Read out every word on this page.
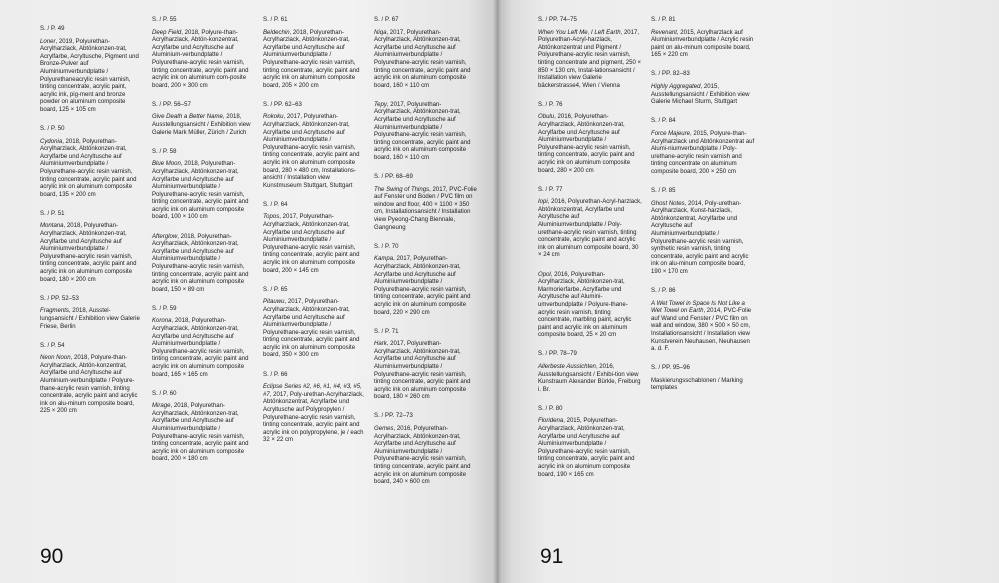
S. / P. 49
Loner, 2019, Polyurethan-Acrylharzlack, Abtönkonzen-trat, Acrylfarbe, Acryltusche, Pigment und Bronze-Pulver auf Aluminiumverbundplatte / Polyurethaneacrylic resin varnish, tinting concentrate, acrylic paint, acrylic ink, pig-ment and bronze powder on aluminum composite board, 125 × 105 cm
S. / P. 50
Cydonia, 2018, Polyurethan-Acrylharzlack, Abtönkonzen-trat, Acrylfarbe und Acryltusche auf Aluminiumverbundplatte / Polyurethane-acrylic resin varnish, tinting concentrate, acrylic paint and acrylic ink on aluminum composite board, 135 × 200 cm
S. / P. 51
Montana, 2018, Polyurethan-Acrylharzlack, Abtönkonzen-trat, Acrylfarbe und Acryltusche auf Aluminiumverbundplatte / Polyurethane-acrylic resin varnish, tinting concentrate, acrylic paint and acrylic ink on aluminum composite board, 180 × 200 cm
S. / PP. 52–53
Fragments, 2018, Ausstel-lungsansicht / Exhibition view Galerie Friese, Berlin
S. / P. 54
Neon Noon, 2018, Polyure-than-Acrylharzlack, Abtön-konzentrat, Acrylfarbe und Acryltusche auf Aluminium-verbundplatte / Polyure-thane-acrylic resin varnish, tinting concentrate, acrylic paint and acrylic ink on alu-minum composite board, 225 × 200 cm
S. / P. 55
Deep Field, 2018, Polyure-than-Acrylharzlack, Abtön-konzentrat, Acrylfarbe und Acryltusche auf Aluminium-verbundplatte / Polyurethane-acrylic resin varnish, tinting concentrate, acrylic paint and acrylic ink on aluminum com-posite board, 200 × 300 cm
S. / PP. 56–57
Give Death a Better Name, 2018, Ausstellungsansicht / Exhibition view Galerie Mark Müller, Zürich / Zurich
S. / P. 58
Blue Moon, 2018, Polyurethan-Acrylharzlack, Abtönkonzen-trat, Acrylfarbe und Acryltusche auf Aluminiumverbundplatte / Polyurethane-acrylic resin varnish, tinting concentrate, acrylic paint and acrylic ink on aluminum composite board, 100 × 100 cm
Afterglow, 2018, Polyurethan-Acrylharzlack, Abtönkonzen-trat, Acrylfarbe und Acryltusche auf Aluminiumverbundplatte / Polyurethane-acrylic resin varnish, tinting concentrate, acrylic paint and acrylic ink on aluminum composite board, 150 × 89 cm
S. / P. 59
Korona, 2018, Polyurethan-Acrylharzlack, Abtönkonzen-trat, Acrylfarbe und Acryltusche auf Aluminiumverbundplatte / Polyurethane-acrylic resin varnish, tinting concentrate, acrylic paint and acrylic ink on aluminum composite board, 165 × 165 cm
S. / P. 60
Mirage, 2018, Polyurethan-Acrylharzlack, Abtönkonzen-trat, Acrylfarbe und Acryltusche auf Aluminiumverbundplatte / Polyurethane-acrylic resin varnish, tinting concentrate, acrylic paint and acrylic ink on aluminum composite board, 200 × 180 cm
S. / P. 61
Beldechin, 2018, Polyurethan-Acrylharzlack, Abtönkonzen-trat, Acrylfarbe und Acryltusche auf Aluminiumverbundplatte / Polyurethane-acrylic resin varnish, tinting concentrate, acrylic paint and acrylic ink on aluminum composite board, 205 × 200 cm
S. / PP. 62–63
Rokoku, 2017, Polyurethan-Acrylharzlack, Abtönkonzen-trat, Acrylfarbe und Acryltusche auf Aluminiumverbundplatte / Polyurethane-acrylic resin varnish, tinting concentrate, acrylic paint and acrylic ink on aluminum composite board, 280 × 480 cm, Installations-ansicht / Installation view Kunstmuseum Stuttgart, Stuttgart
S. / P. 64
Topos, 2017, Polyurethan-Acrylharzlack, Abtönkonzen-trat, Acrylfarbe und Acryltusche auf Aluminiumverbundplatte / Polyurethane-acrylic resin varnish, tinting concentrate, acrylic paint and acrylic ink on aluminum composite board, 200 × 145 cm
S. / P. 65
Pitauwu, 2017, Polyurethan-Acrylharzlack, Abtönkonzen-trat, Acrylfarbe und Acryltusche auf Aluminiumverbundplatte / Polyurethane-acrylic resin varnish, tinting concentrate, acrylic paint and acrylic ink on aluminum composite board, 350 × 300 cm
S. / P. 66
Eclipse Series #2, #6, #1, #4, #3, #5, #7, 2017, Poly-urethan-Acrylharzlack, Abtönkonzentrat, Acrylfarbe und Acryltusche auf Polypropylen / Polyurethane-acrylic resin varnish, tinting concentrate, acrylic paint and acrylic ink on polypropylene, je / each 32 × 22 cm
S. / P. 67
Niqa, 2017, Polyurethan-Acrylharzlack, Abtönkonzen-trat, Acrylfarbe und Acryltusche auf Aluminiumverbundplatte / Polyurethane-acrylic resin varnish, tinting concentrate, acrylic paint and acrylic ink on aluminum composite board, 160 × 110 cm
Tepy, 2017, Polyurethan-Acrylharzlack, Abtönkonzen-trat, Acrylfarbe und Acryltusche auf Aluminiumverbundplatte / Polyurethane-acrylic resin varnish, tinting concentrate, acrylic paint and acrylic ink on aluminum composite board, 160 × 110 cm
S. / PP. 68–69
The Swing of Things, 2017, PVC-Folie auf Fenster und Boden / PVC film on window and floor, 400 × 1100 × 350 cm, Installationsansicht / Installation view Pyeong-Chang Biennale, Gangneung
S. / P. 70
Kampa, 2017, Polyurethan-Acrylharzlack, Abtönkonzen-trat, Acrylfarbe und Acryltusche auf Aluminiumverbundplatte / Polyurethane-acrylic resin varnish, tinting concentrate, acrylic paint and acrylic ink on aluminum composite board, 220 × 290 cm
S. / P. 71
Hark, 2017, Polyurethan-Acrylharzlack, Abtönkonzen-trat, Acrylfarbe und Acryltusche auf Aluminiumverbundplatte / Polyurethane-acrylic resin varnish, tinting concentrate, acrylic paint and acrylic ink on aluminum composite board, 180 × 260 cm
S. / PP. 72–73
Gemes, 2016, Polyurethan-Acrylharzlack, Abtönkonzen-trat, Acrylfarbe und Acryltusche auf Aluminiumverbundplatte / Polyurethane-acrylic resin varnish, tinting concentrate, acrylic paint and acrylic ink on aluminum composite board, 240 × 600 cm
90
S. / PP. 74–75
When You Left Me, I Left Earth, 2017, Polyurethan-Acryl-harzlack, Abtönkonzentrat und Pigment / Polyurethane-acrylic resin varnish, tinting concentrate and pigment, 250 × 850 × 130 cm, Instal-lationsansicht / Installation view Galerie bäckerstrasse4, Wien / Vienna
S. / P. 76
Obulu, 2016, Polyurethan-Acrylharzlack, Abtönkonzen-trat, Acrylfarbe und Acryltusche auf Aluminiumverbundplatte / Polyurethane-acrylic resin varnish, tinting concentrate, acrylic paint and acrylic ink on aluminum composite board, 280 × 200 cm
S. / P. 77
Iopi, 2016, Polyurethan-Acryl-harzlack, Abtönkonzentrat, Acrylfarbe und Acryltusche auf Aluminiumverbundplatte / Poly-urethane-acrylic resin varnish, tinting concentrate, acrylic paint and acrylic ink on aluminum composite board, 30 × 24 cm
Opol, 2016, Polyurethan-Acrylharzlack, Abtönkonzen-trat, Marmorierfarbe, Acrylfarbe und Acryltusche auf Alumini-umverbundplatte / Polyure-thane-acrylic resin varnish, tinting concentrate, marbling paint, acrylic paint and acrylic ink on aluminum composite board, 25 × 20 cm
S. / PP. 78–79
Allerbeste Aussichten, 2016, Ausstellungsansicht / Exhibi-tion view Kunstraum Alexander Bürkle, Freiburg i. Br.
S. / P. 80
Floridena, 2015, Polyurethan-Acrylharzlack, Abtönkonzen-trat, Acrylfarbe und Acryltusche auf Aluminiumverbundplatte / Polyurethane-acrylic resin varnish, tinting concentrate, acrylic paint and acrylic ink on aluminum composite board, 190 × 165 cm
S. / P. 81
Revenant, 2015, Acrylharzlack auf Aluminiumverbundplatte / Acrylic resin paint on alu-minum composite board, 165 × 220 cm
S. / PP. 82–83
Highly Aggregated, 2015, Ausstellungsansicht / Exhibition view Galerie Michael Sturm, Stuttgart
S. / P. 84
Force Majeure, 2015, Polyure-than-Acrylharzlack und Abtönkonzentrat auf Alumi-niumverbundplatte / Poly-urethane-acrylic resin varnish and tinting concentrate on aluminum composite board, 200 × 250 cm
S. / P. 85
Ghost Notes, 2014, Poly-urethan-Acrylharzlack, Kunst-harzlack, Abtönkonzentrat, Acrylfarbe und Acryltusche auf Aluminiumverbundplatte / Polyurethane-acrylic resin varnish, synthetic resin varnish, tinting concentrate, acrylic paint and acrylic ink on alu-minum composite board, 190 × 170 cm
S. / P. 86
A Wet Towel in Space Is Not Like a Wet Towel on Earth, 2014, PVC-Folie auf Wand und Fenster / PVC film on wall and window, 380 × 500 × 50 cm, Installationsansicht / Installation view Kunstverein Neuhausen, Neuhausen a. d. F.
S. / PP. 95–96
Maskierungsschablonen / Marking templates
91
